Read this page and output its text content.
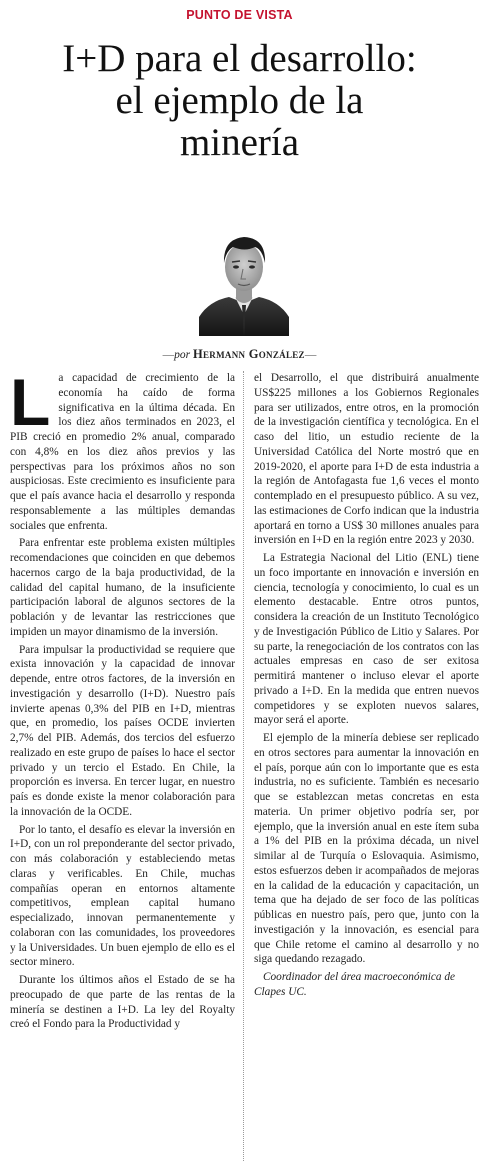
PUNTO DE VISTA
I+D para el desarrollo:
el ejemplo de la
minería
—por Hermann González—

La capacidad de crecimiento de la economía ha caído de forma significativa en la última década. En los diez años terminados en 2023, el PIB creció en promedio 2% anual, comparado con 4,8% en los diez años previos y las perspectivas para los próximos años no son auspiciosas. Este crecimiento es insuficiente para que el país avance hacia el desarrollo y responda responsablemente a las múltiples demandas sociales que enfrenta.

Para enfrentar este problema existen múltiples recomendaciones que coinciden en que debemos hacernos cargo de la baja productividad, de la calidad del capital humano, de la insuficiente participación laboral de algunos sectores de la población y de levantar las restricciones que impiden un mayor dinamismo de la inversión.

Para impulsar la productividad se requiere que exista innovación y la capacidad de innovar depende, entre otros factores, de la inversión en investigación y desarrollo (I+D). Nuestro país invierte apenas 0,3% del PIB en I+D, mientras que, en promedio, los países OCDE invierten 2,7% del PIB. Además, dos tercios del esfuerzo realizado en este grupo de países lo hace el sector privado y un tercio el Estado. En Chile, la proporción es inversa. En tercer lugar, en nuestro país es donde existe la menor colaboración para la innovación de la OCDE.

Por lo tanto, el desafío es elevar la inversión en I+D, con un rol preponderante del sector privado, con más colaboración y estableciendo metas claras y verificables. En Chile, muchas compañías operan en entornos altamente competitivos, emplean capital humano especializado, innovan permanentemente y colaboran con las comunidades, los proveedores y la Universidades. Un buen ejemplo de ello es el sector minero.

Durante los últimos años el Estado de se ha preocupado de que parte de las rentas de la minería se destinen a I+D. La ley del Royalty creó el Fondo para la Productividad y

el Desarrollo, el que distribuirá anualmente US$225 millones a los Gobiernos Regionales para ser utilizados, entre otros, en la promoción de la investigación científica y tecnológica. En el caso del litio, un estudio reciente de la Universidad Católica del Norte mostró que en 2019-2020, el aporte para I+D de esta industria a la región de Antofagasta fue 1,6 veces el monto contemplado en el presupuesto público. A su vez, las estimaciones de Corfo indican que la industria aportará en torno a US$ 30 millones anuales para inversión en I+D en la región entre 2023 y 2030.

La Estrategia Nacional del Litio (ENL) tiene un foco importante en innovación e inversión en ciencia, tecnología y conocimiento, lo cual es un elemento destacable. Entre otros puntos, considera la creación de un Instituto Tecnológico y de Investigación Público de Litio y Salares. Por su parte, la renegociación de los contratos con las actuales empresas en caso de ser exitosa permitirá mantener o incluso elevar el aporte privado a I+D. En la medida que entren nuevos competidores y se exploten nuevos salares, mayor será el aporte.

El ejemplo de la minería debiese ser replicado en otros sectores para aumentar la innovación en el país, porque aún con lo importante que es esta industria, no es suficiente. También es necesario que se establezcan metas concretas en esta materia. Un primer objetivo podría ser, por ejemplo, que la inversión anual en este ítem suba a 1% del PIB en la próxima década, un nivel similar al de Turquía o Eslovaquia. Asimismo, estos esfuerzos deben ir acompañados de mejoras en la calidad de la educación y capacitación, un tema que ha dejado de ser foco de las políticas públicas en nuestro país, pero que, junto con la investigación y la innovación, es esencial para que Chile retome el camino al desarrollo y no siga quedando rezagado.

Coordinador del área macroeconómica de Clapes UC.
